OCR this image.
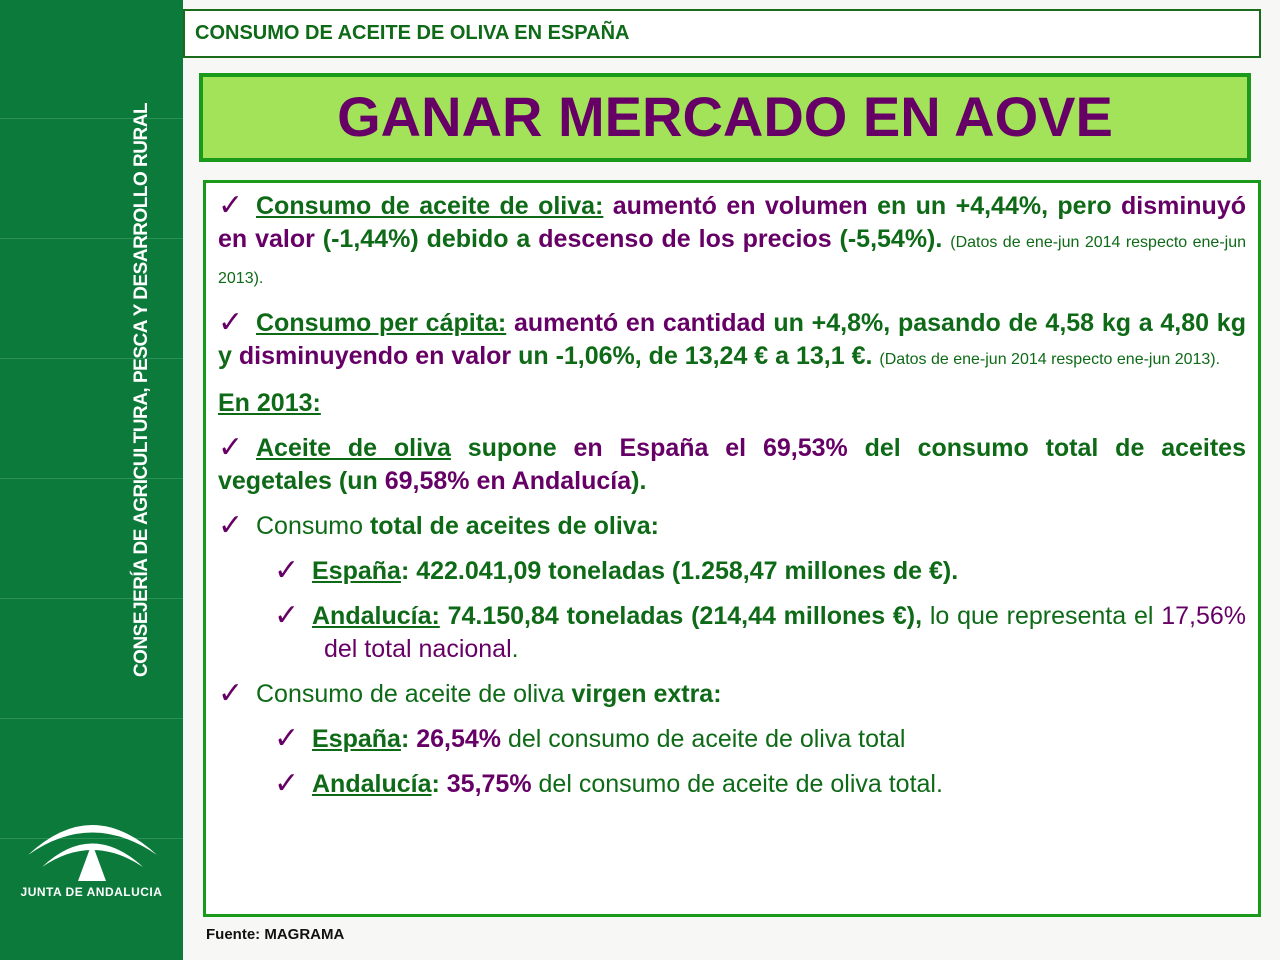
CONSEJERÍA DE AGRICULTURA, PESCA Y DESARROLLO RURAL
JUNTA DE ANDALUCIA
CONSUMO DE ACEITE DE OLIVA EN ESPAÑA
GANAR MERCADO EN AOVE
✓ Consumo de aceite de oliva: aumentó en volumen en un +4,44%, pero disminuyó en valor (-1,44%) debido a descenso de los precios (-5,54%). (Datos de ene-jun 2014 respecto ene-jun 2013).
✓ Consumo per cápita: aumentó en cantidad un +4,8%, pasando de 4,58 kg a 4,80 kg y disminuyendo en valor un -1,06%, de 13,24 € a 13,1 €. (Datos de ene-jun 2014 respecto ene-jun 2013).
En 2013:
✓ Aceite de oliva supone en España el 69,53% del consumo total de aceites vegetales (un 69,58% en Andalucía).
✓ Consumo total de aceites de oliva:
✓ España: 422.041,09 toneladas (1.258,47 millones de €).
✓ Andalucía: 74.150,84 toneladas (214,44 millones €), lo que representa el 17,56% del total nacional.
✓ Consumo de aceite de oliva virgen extra:
✓ España: 26,54% del consumo de aceite de oliva total
✓ Andalucía: 35,75% del consumo de aceite de oliva total.
Fuente: MAGRAMA
